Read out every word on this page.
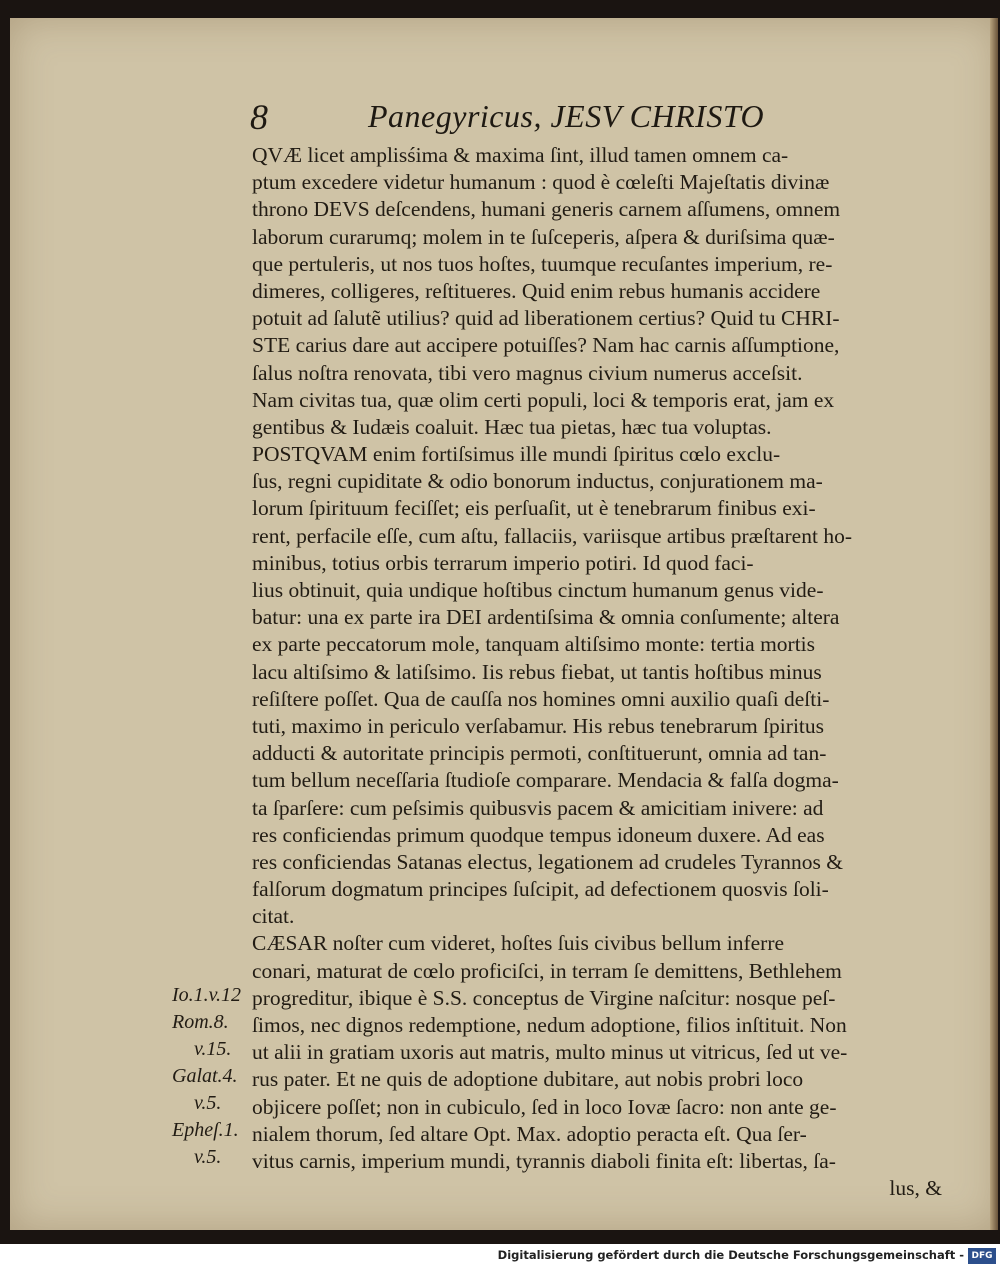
8	Panegyricus, JESV CHRISTO
QVÆ licet amplisśima & maxima ſint, illud tamen omnem ca-
ptum excedere videtur humanum : quod è cœleſti Majeſtatis divinæ
throno DEVS deſcendens, humani generis carnem aſſumens, omnem
laborum curarumq; molem in te ſuſceperis, aſpera & duriſsima quæ-
que pertuleris, ut nos tuos hoſtes, tuumque recuſantes imperium, re-
dimeres, colligeres, reſtitueres. Quid enim rebus humanis accidere
potuit ad ſalutẽ utilius? quid ad liberationem certius? Quid tu CHRI-
STE carius dare aut accipere potuiſſes? Nam hac carnis aſſumptione,
ſalus noſtra renovata, tibi vero magnus civium numerus acceſsit.
Nam civitas tua, quæ olim certi populi, loci & temporis erat, jam ex
gentibus & Iudæis coaluit. Hæc tua pietas, hæc tua voluptas.
POSTQVAM enim fortiſsimus ille mundi ſpiritus cœlo exclu-
ſus, regni cupiditate & odio bonorum inductus, conjurationem ma-
lorum ſpirituum feciſſet; eis perſuaſit, ut è tenebrarum finibus exi-
rent, perfacile eſſe, cum aſtu, fallaciis, variisque artibus præſtarent ho-
minibus, totius orbis terrarum imperio potiri. Id quod faci-
lius obtinuit, quia undique hoſtibus cinctum humanum genus vide-
batur: una ex parte ira DEI ardentiſsima & omnia conſumente; altera
ex parte peccatorum mole, tanquam altiſsimo monte: tertia mortis
lacu altiſsimo & latiſsimo. Iis rebus fiebat, ut tantis hoſtibus minus
reſiſtere poſſet. Qua de cauſſa nos homines omni auxilio quaſi deſti-
tuti, maximo in periculo verſabamur. His rebus tenebrarum ſpiritus
adducti & autoritate principis permoti, conſtituerunt, omnia ad tan-
tum bellum neceſſaria ſtudioſe comparare. Mendacia & falſa dogma-
ta ſparſere: cum peſsimis quibusvis pacem & amicitiam inivere: ad
res conficiendas primum quodque tempus idoneum duxere. Ad eas
res conficiendas Satanas electus, legationem ad crudeles Tyrannos &
falſorum dogmatum principes ſuſcipit, ad defectionem quosvis ſoli-
citat.
CÆSAR noſter cum videret, hoſtes ſuis civibus bellum inferre
conari, maturat de cœlo proficiſci, in terram ſe demittens, Bethlehem
progreditur, ibique è S.S. conceptus de Virgine naſcitur: nosque peſ-
ſimos, nec dignos redemptione, nedum adoptione, filios inſtituit. Non
ut alii in gratiam uxoris aut matris, multo minus ut vitricus, ſed ut ve-
rus pater. Et ne quis de adoptione dubitare, aut nobis probri loco
objicere poſſet; non in cubiculo, ſed in loco Iovæ ſacro: non ante ge-
nialem thorum, ſed altare Opt. Max. adoptio peracta eſt. Qua ſer-
vitus carnis, imperium mundi, tyrannis diaboli finita eſt: libertas, ſa-
lus, &
Io.1.v.12
Rom.8.
v.15.
Galat.4.
v.5.
Epheſ.1.
v.5.
Digitalisierung gefördert durch die Deutsche Forschungsgemeinschaft - DFG
